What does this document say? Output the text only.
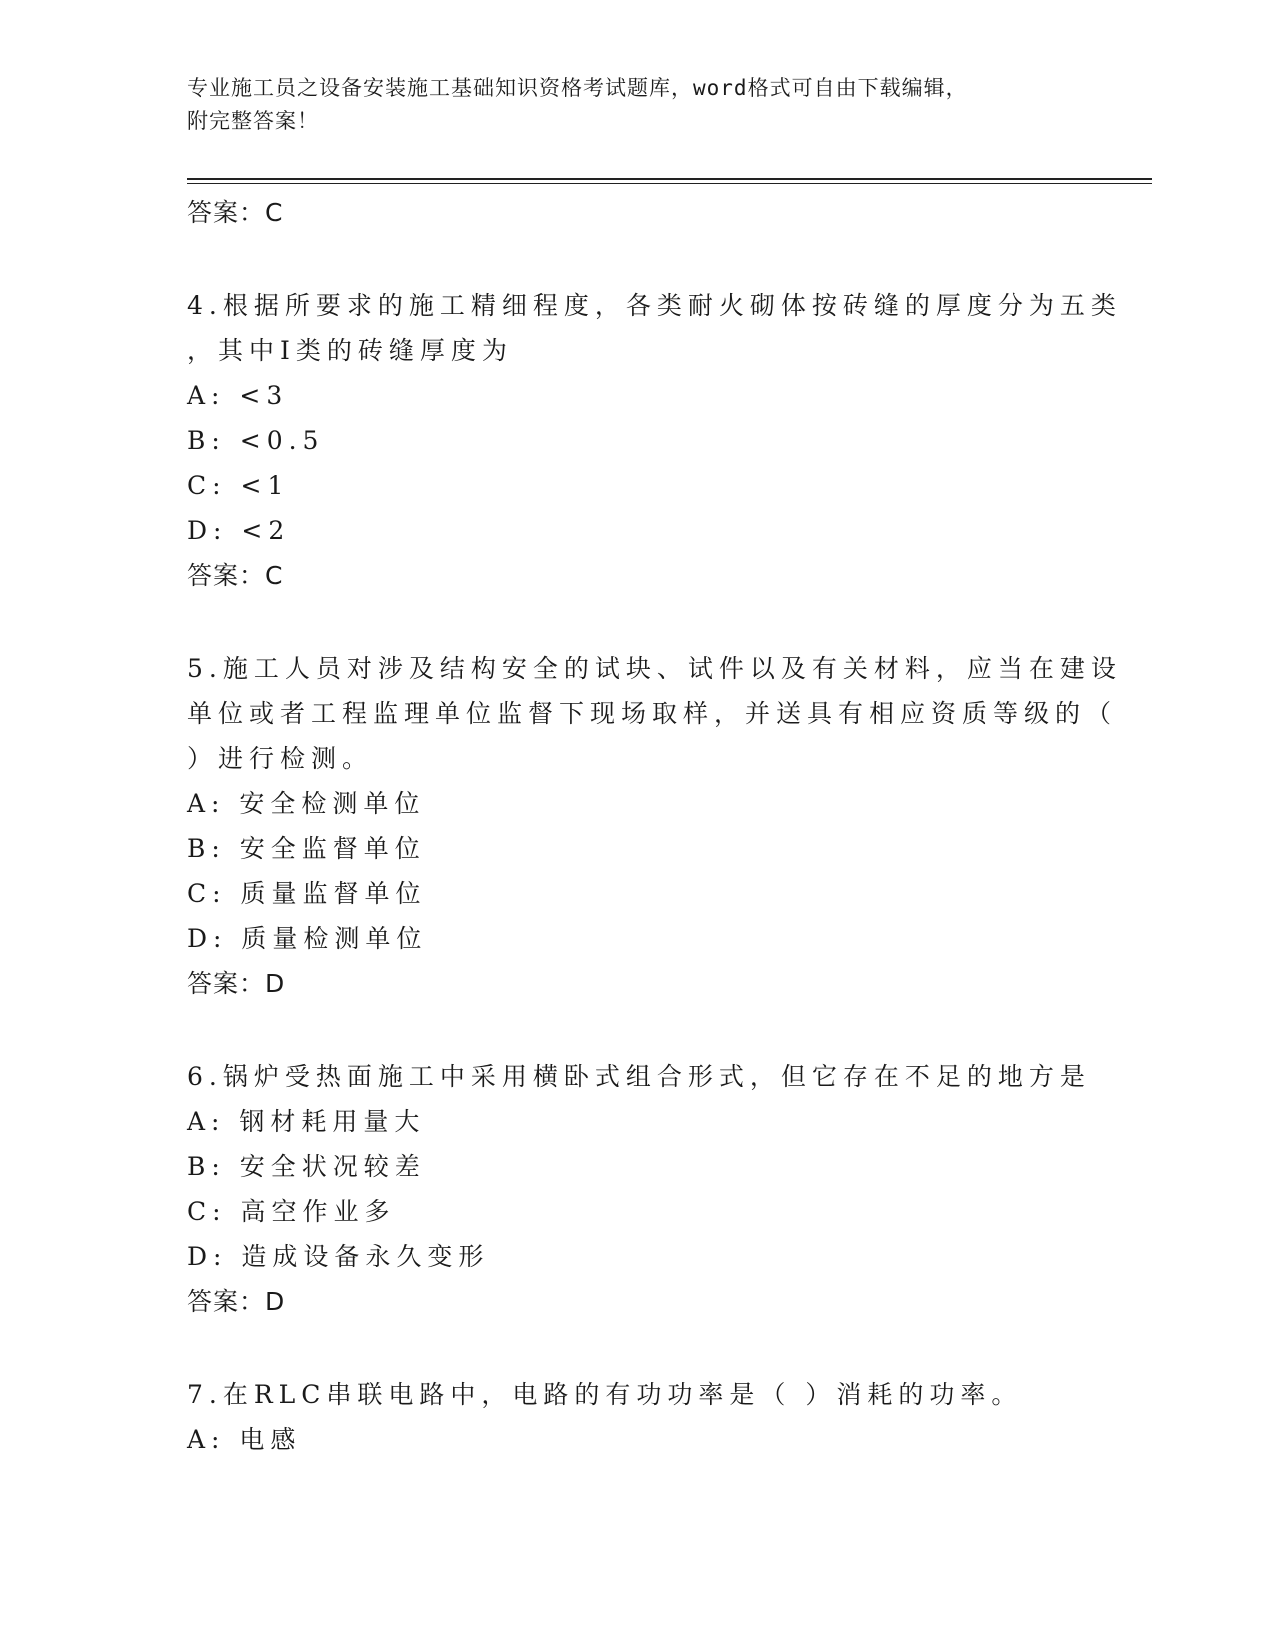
专业施工员之设备安装施工基础知识资格考试题库，word格式可自由下载编辑，
附完整答案！
答案：C
4.根据所要求的施工精细程度，各类耐火砌体按砖缝的厚度分为五类
，其中I类的砖缝厚度为
A: <3
B: <0.5
C: <1
D: <2
答案：C
5.施工人员对涉及结构安全的试块、试件以及有关材料，应当在建设
单位或者工程监理单位监督下现场取样，并送具有相应资质等级的（
）进行检测。
A: 安全检测单位
B: 安全监督单位
C: 质量监督单位
D: 质量检测单位
答案：D
6.锅炉受热面施工中采用横卧式组合形式，但它存在不足的地方是
A: 钢材耗用量大
B: 安全状况较差
C: 高空作业多
D: 造成设备永久变形
答案：D
7.在RLC串联电路中，电路的有功功率是（ ）消耗的功率。
A: 电感
